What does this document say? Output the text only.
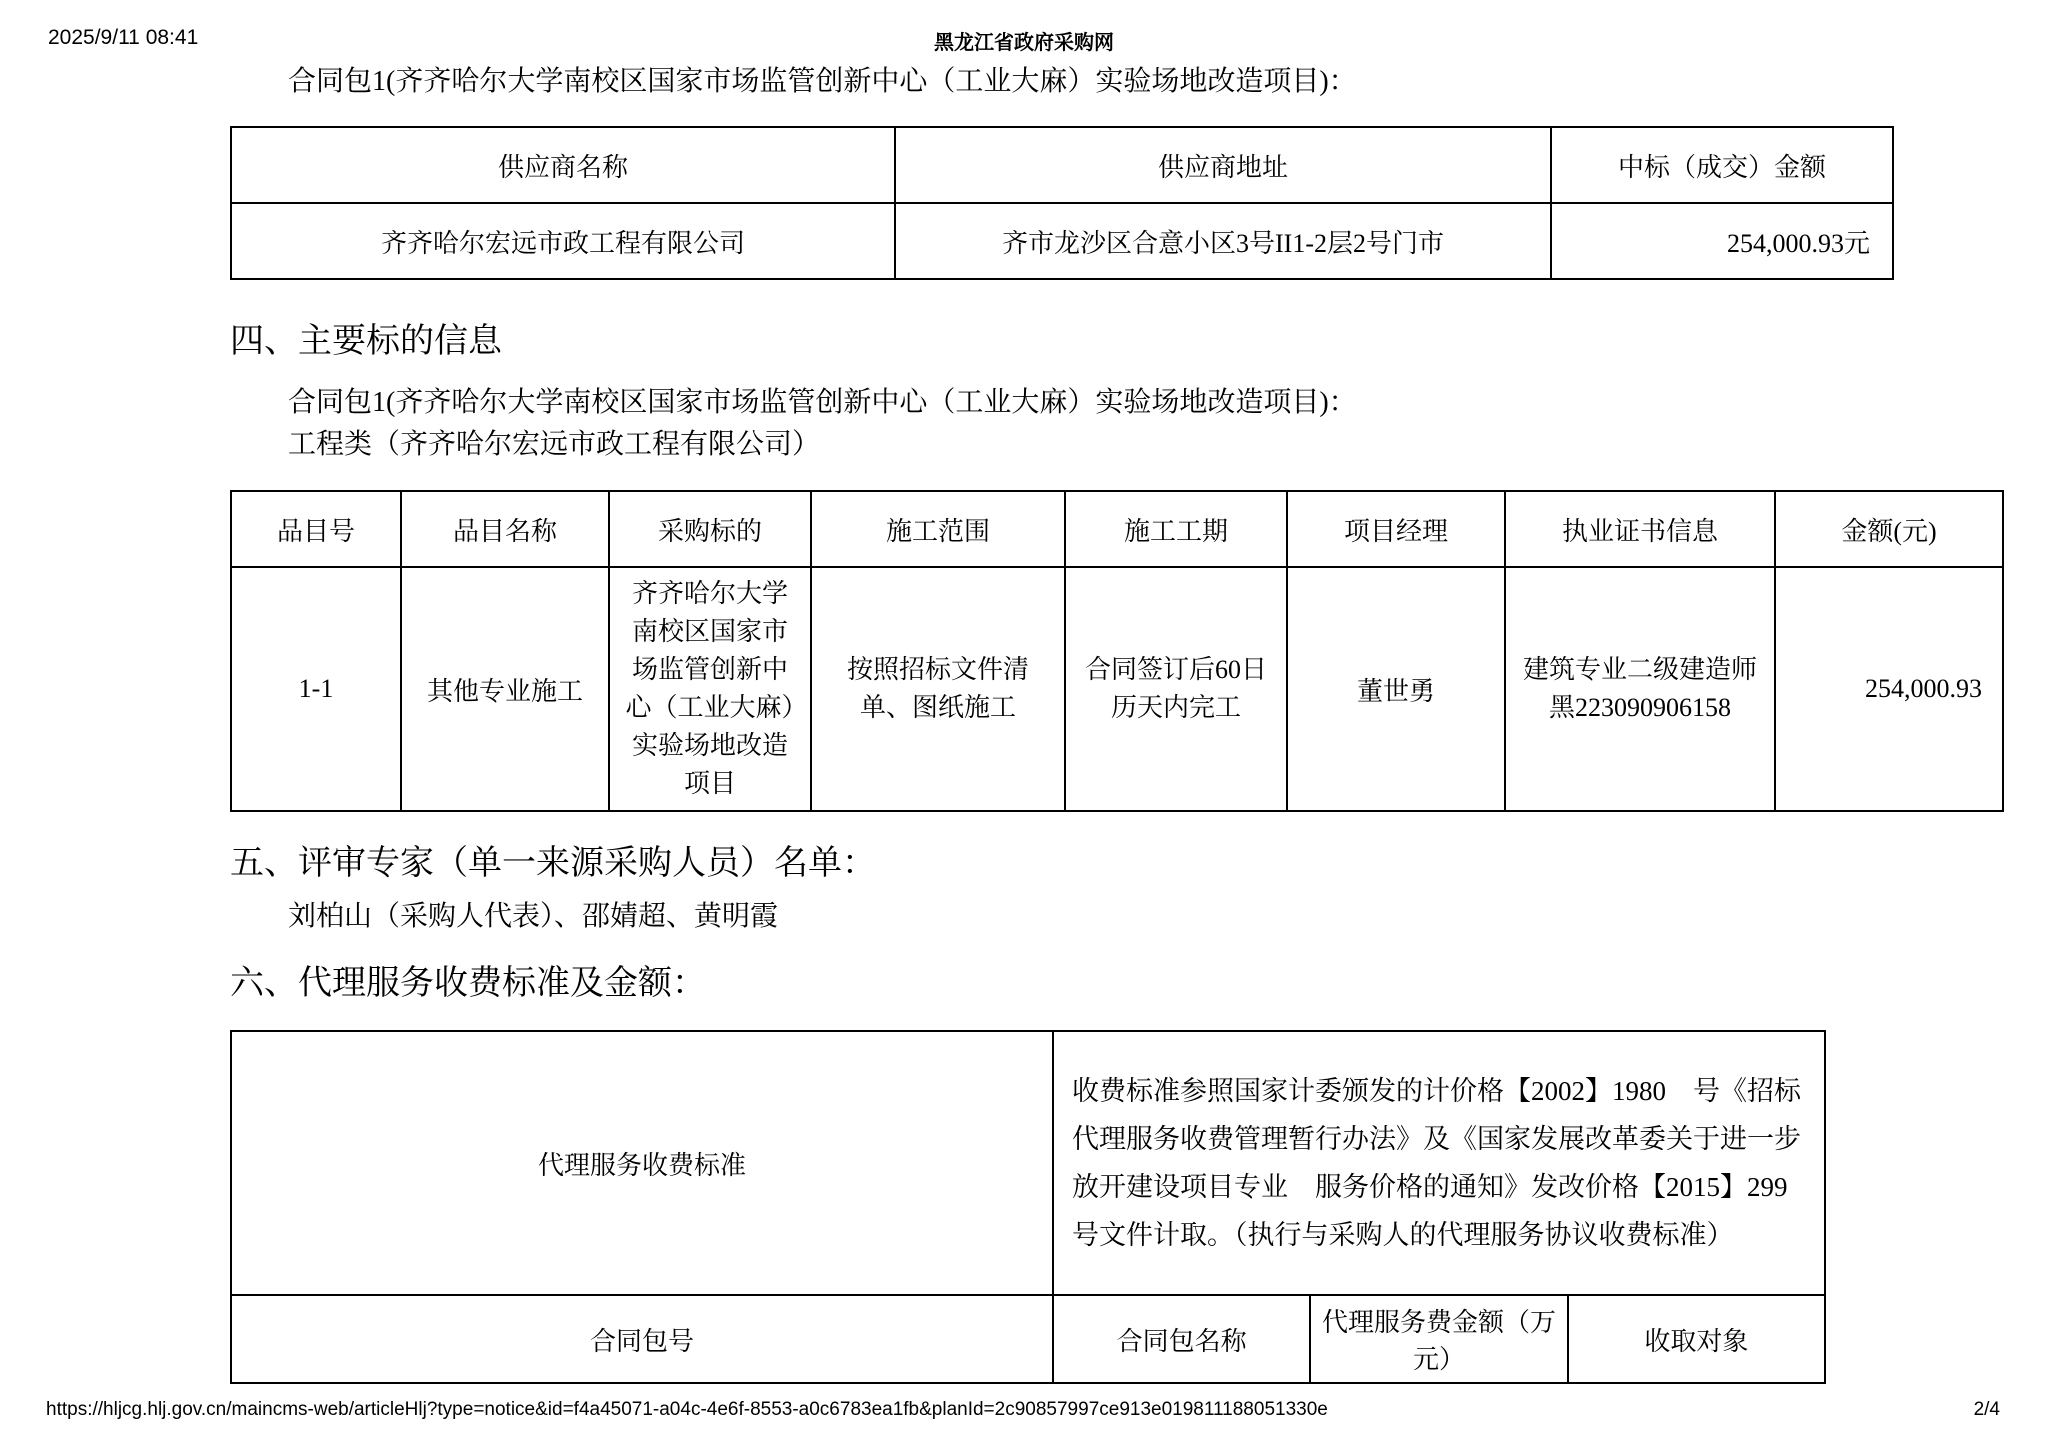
2025/9/11 08:41	黑龙江省政府采购网
合同包1(齐齐哈尔大学南校区国家市场监管创新中心（工业大麻）实验场地改造项目)：
供应商名称	供应商地址	中标（成交）金额
齐齐哈尔宏远市政工程有限公司	齐市龙沙区合意小区3号II1-2层2号门市	254,000.93元
四、主要标的信息
合同包1(齐齐哈尔大学南校区国家市场监管创新中心（工业大麻）实验场地改造项目)：
工程类（齐齐哈尔宏远市政工程有限公司）
品目号	品目名称	采购标的	施工范围	施工工期	项目经理	执业证书信息	金额(元)
1-1	其他专业施工	齐齐哈尔大学南校区国家市场监管创新中心（工业大麻）实验场地改造项目	按照招标文件清单、图纸施工	合同签订后60日历天内完工	董世勇	建筑专业二级建造师 黑223090906158	254,000.93
五、评审专家（单一来源采购人员）名单：
刘柏山（采购人代表）、邵婧超、黄明霞
六、代理服务收费标准及金额：
代理服务收费标准	收费标准参照国家计委颁发的计价格【2002】1980　号《招标代理服务收费管理暂行办法》及《国家发展改革委关于进一步放开建设项目专业　服务价格的通知》发改价格【2015】299号文件计取。（执行与采购人的代理服务协议收费标准）		
合同包号	合同包名称	代理服务费金额（万元）	收取对象
https://hljcg.hlj.gov.cn/maincms-web/articleHlj?type=notice&id=f4a45071-a04c-4e6f-8553-a0c6783ea1fb&planId=2c90857997ce913e019811188051330e	2/4
